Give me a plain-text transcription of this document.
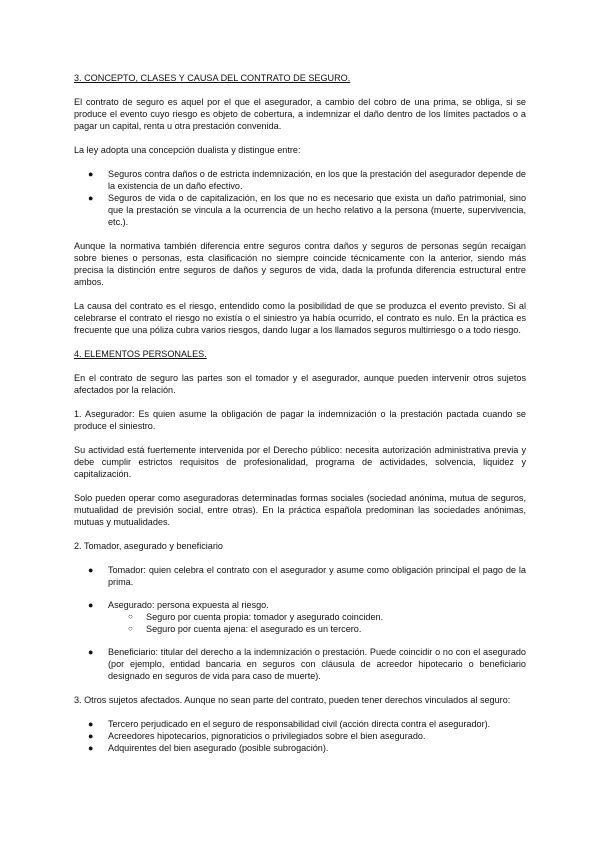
3. CONCEPTO, CLASES Y CAUSA DEL CONTRATO DE SEGURO.

El contrato de seguro es aquel por el que el asegurador, a cambio del cobro de una prima, se obliga, si se produce el evento cuyo riesgo es objeto de cobertura, a indemnizar el daño dentro de los límites pactados o a pagar un capital, renta u otra prestación convenida.

La ley adopta una concepción dualista y distingue entre:

● Seguros contra daños o de estricta indemnización, en los que la prestación del asegurador depende de la existencia de un daño efectivo.
● Seguros de vida o de capitalización, en los que no es necesario que exista un daño patrimonial, sino que la prestación se vincula a la ocurrencia de un hecho relativo a la persona (muerte, supervivencia, etc.).

Aunque la normativa también diferencia entre seguros contra daños y seguros de personas según recaigan sobre bienes o personas, esta clasificación no siempre coincide técnicamente con la anterior, siendo más precisa la distinción entre seguros de daños y seguros de vida, dada la profunda diferencia estructural entre ambos.

La causa del contrato es el riesgo, entendido como la posibilidad de que se produzca el evento previsto. Si al celebrarse el contrato el riesgo no existía o el siniestro ya había ocurrido, el contrato es nulo. En la práctica es frecuente que una póliza cubra varios riesgos, dando lugar a los llamados seguros multirriesgo o a todo riesgo.

4. ELEMENTOS PERSONALES.

En el contrato de seguro las partes son el tomador y el asegurador, aunque pueden intervenir otros sujetos afectados por la relación.

1. Asegurador: Es quien asume la obligación de pagar la indemnización o la prestación pactada cuando se produce el siniestro.

Su actividad está fuertemente intervenida por el Derecho público: necesita autorización administrativa previa y debe cumplir estrictos requisitos de profesionalidad, programa de actividades, solvencia, liquidez y capitalización.

Solo pueden operar como aseguradoras determinadas formas sociales (sociedad anónima, mutua de seguros, mutualidad de previsión social, entre otras). En la práctica española predominan las sociedades anónimas, mutuas y mutualidades.

2. Tomador, asegurado y beneficiario
● Tomador: quien celebra el contrato con el asegurador y asume como obligación principal el pago de la prima.
● Asegurado: persona expuesta al riesgo.
○ Seguro por cuenta propia: tomador y asegurado coinciden.
○ Seguro por cuenta ajena: el asegurado es un tercero.
● Beneficiario: titular del derecho a la indemnización o prestación. Puede coincidir o no con el asegurado (por ejemplo, entidad bancaria en seguros con cláusula de acreedor hipotecario o beneficiario designado en seguros de vida para caso de muerte).

3. Otros sujetos afectados. Aunque no sean parte del contrato, pueden tener derechos vinculados al seguro:

● Tercero perjudicado en el seguro de responsabilidad civil (acción directa contra el asegurador).
● Acreedores hipotecarios, pignoraticios o privilegiados sobre el bien asegurado.
● Adquirentes del bien asegurado (posible subrogación).
